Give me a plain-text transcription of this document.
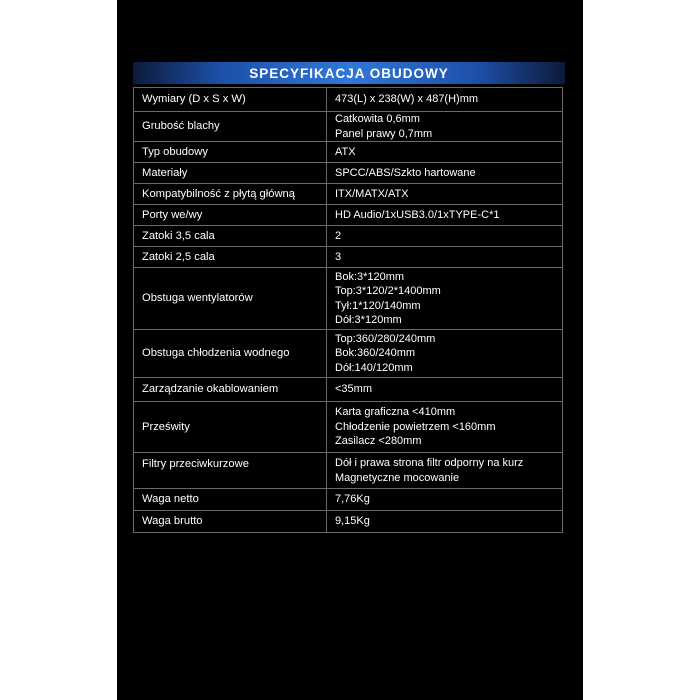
SPECYFIKACJA OBUDOWY
Wymiary (D x S x W)	473(L) x 238(W) x 487(H)mm

Grubość blachy	Catkowita 0,6mm
Panel prawy 0,7mm

Typ obudowy	ATX

Materiały	SPCC/ABS/Szkto hartowane

Kompatybilność z płytą główną	ITX/MATX/ATX

Porty we/wy	HD Audio/1xUSB3.0/1xTYPE-C*1

Zatoki 3,5 cala	2

Zatoki 2,5 cala	3

Obstuga wentylatorów	Bok:3*120mm
Top:3*120/2*1400mm
Tył:1*120/140mm
Dół:3*120mm

Obstuga chłodzenia wodnego	Top:360/280/240mm
Bok:360/240mm
Dół:140/120mm

Zarządzanie okablowaniem	<35mm

Prześwity	Karta graficzna <410mm
Chłodzenie powietrzem <160mm
Zasilacz <280mm

Filtry przeciwkurzowe	Dół i prawa strona filtr odporny na kurz
Magnetyczne mocowanie

Waga netto	7,76Kg

Waga brutto	9,15Kg
